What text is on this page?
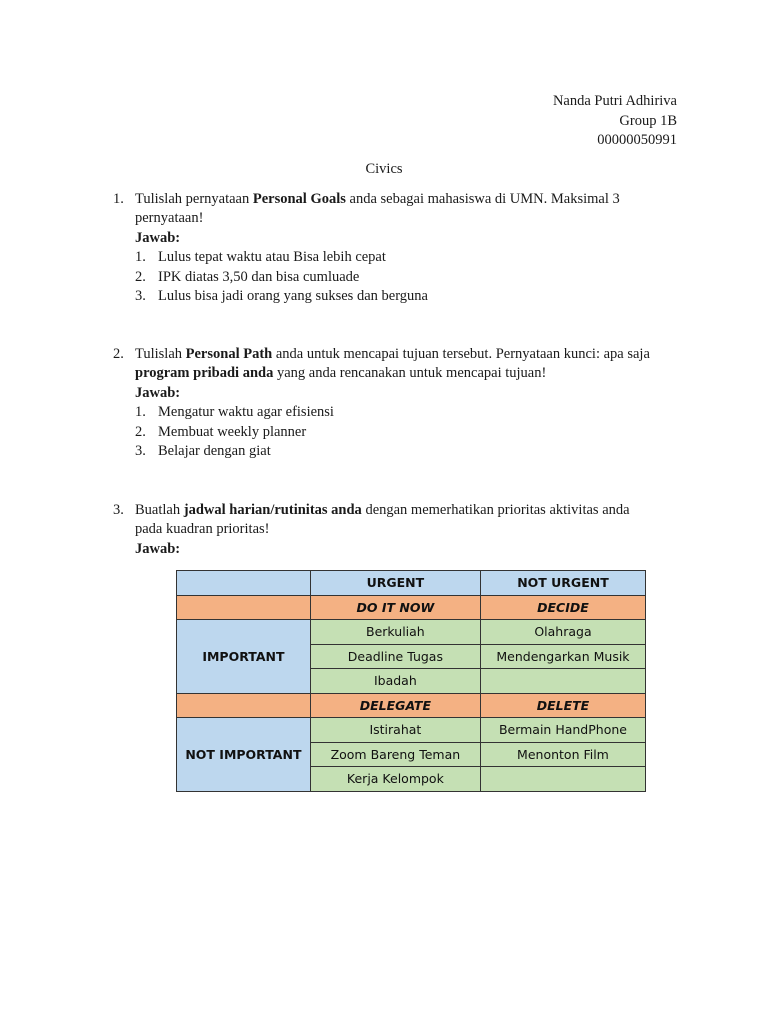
Nanda Putri Adhiriva
Group 1B
00000050991
Civics
1. Tulislah pernyataan Personal Goals anda sebagai mahasiswa di UMN. Maksimal 3 pernyataan!
Jawab:
1. Lulus tepat waktu atau Bisa lebih cepat
2. IPK diatas 3,50 dan bisa cumluade
3. Lulus bisa jadi orang yang sukses dan berguna
2. Tulislah Personal Path anda untuk mencapai tujuan tersebut. Pernyataan kunci: apa saja program pribadi anda yang anda rencanakan untuk mencapai tujuan!
Jawab:
1. Mengatur waktu agar efisiensi
2. Membuat weekly planner
3. Belajar dengan giat
3. Buatlah jadwal harian/rutinitas anda dengan memerhatikan prioritas aktivitas anda pada kuadran prioritas!
Jawab:
	URGENT	NOT URGENT
	DO IT NOW	DECIDE
IMPORTANT	Berkuliah	Olahraga
	Deadline Tugas	Mendengarkan Musik
	Ibadah	
	DELEGATE	DELETE
NOT IMPORTANT	Istirahat	Bermain HandPhone
	Zoom Bareng Teman	Menonton Film
	Kerja Kelompok	
